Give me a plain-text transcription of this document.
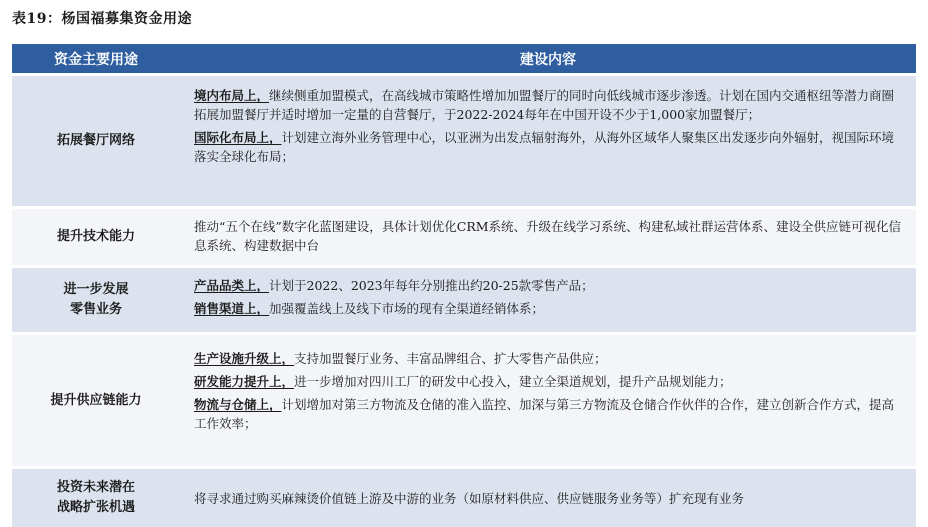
表19：杨国福募集资金用途
资金主要用途	建设内容
拓展餐厅网络

境内布局上，继续侧重加盟模式，在高线城市策略性增加加盟餐厅的同时向低线城市逐步渗透。计划在国内交通枢纽等潜力商圈拓展加盟餐厅并适时增加一定量的自营餐厅，于2022-2024每年在中国开设不少于1,000家加盟餐厅；

国际化布局上，计划建立海外业务管理中心，以亚洲为出发点辐射海外，从海外区域华人聚集区出发逐步向外辐射，视国际环境落实全球化布局；

提升技术能力

推动“五个在线”数字化蓝图建设，具体计划优化CRM系统、升级在线学习系统、构建私域社群运营体系、建设全供应链可视化信息系统、构建数据中台

进一步发展
零售业务

产品品类上，计划于2022、2023年每年分别推出约20-25款零售产品；

销售渠道上，加强覆盖线上及线下市场的现有全渠道经销体系；

提升供应链能力

生产设施升级上，支持加盟餐厅业务、丰富品牌组合、扩大零售产品供应；

研发能力提升上，进一步增加对四川工厂的研发中心投入，建立全渠道规划，提升产品规划能力；

物流与仓储上，计划增加对第三方物流及仓储的准入监控、加深与第三方物流及仓储合作伙伴的合作，建立创新合作方式，提高工作效率；

投资未来潜在
战略扩张机遇

将寻求通过购买麻辣烫价值链上游及中游的业务（如原材料供应、供应链服务业务等）扩充现有业务
